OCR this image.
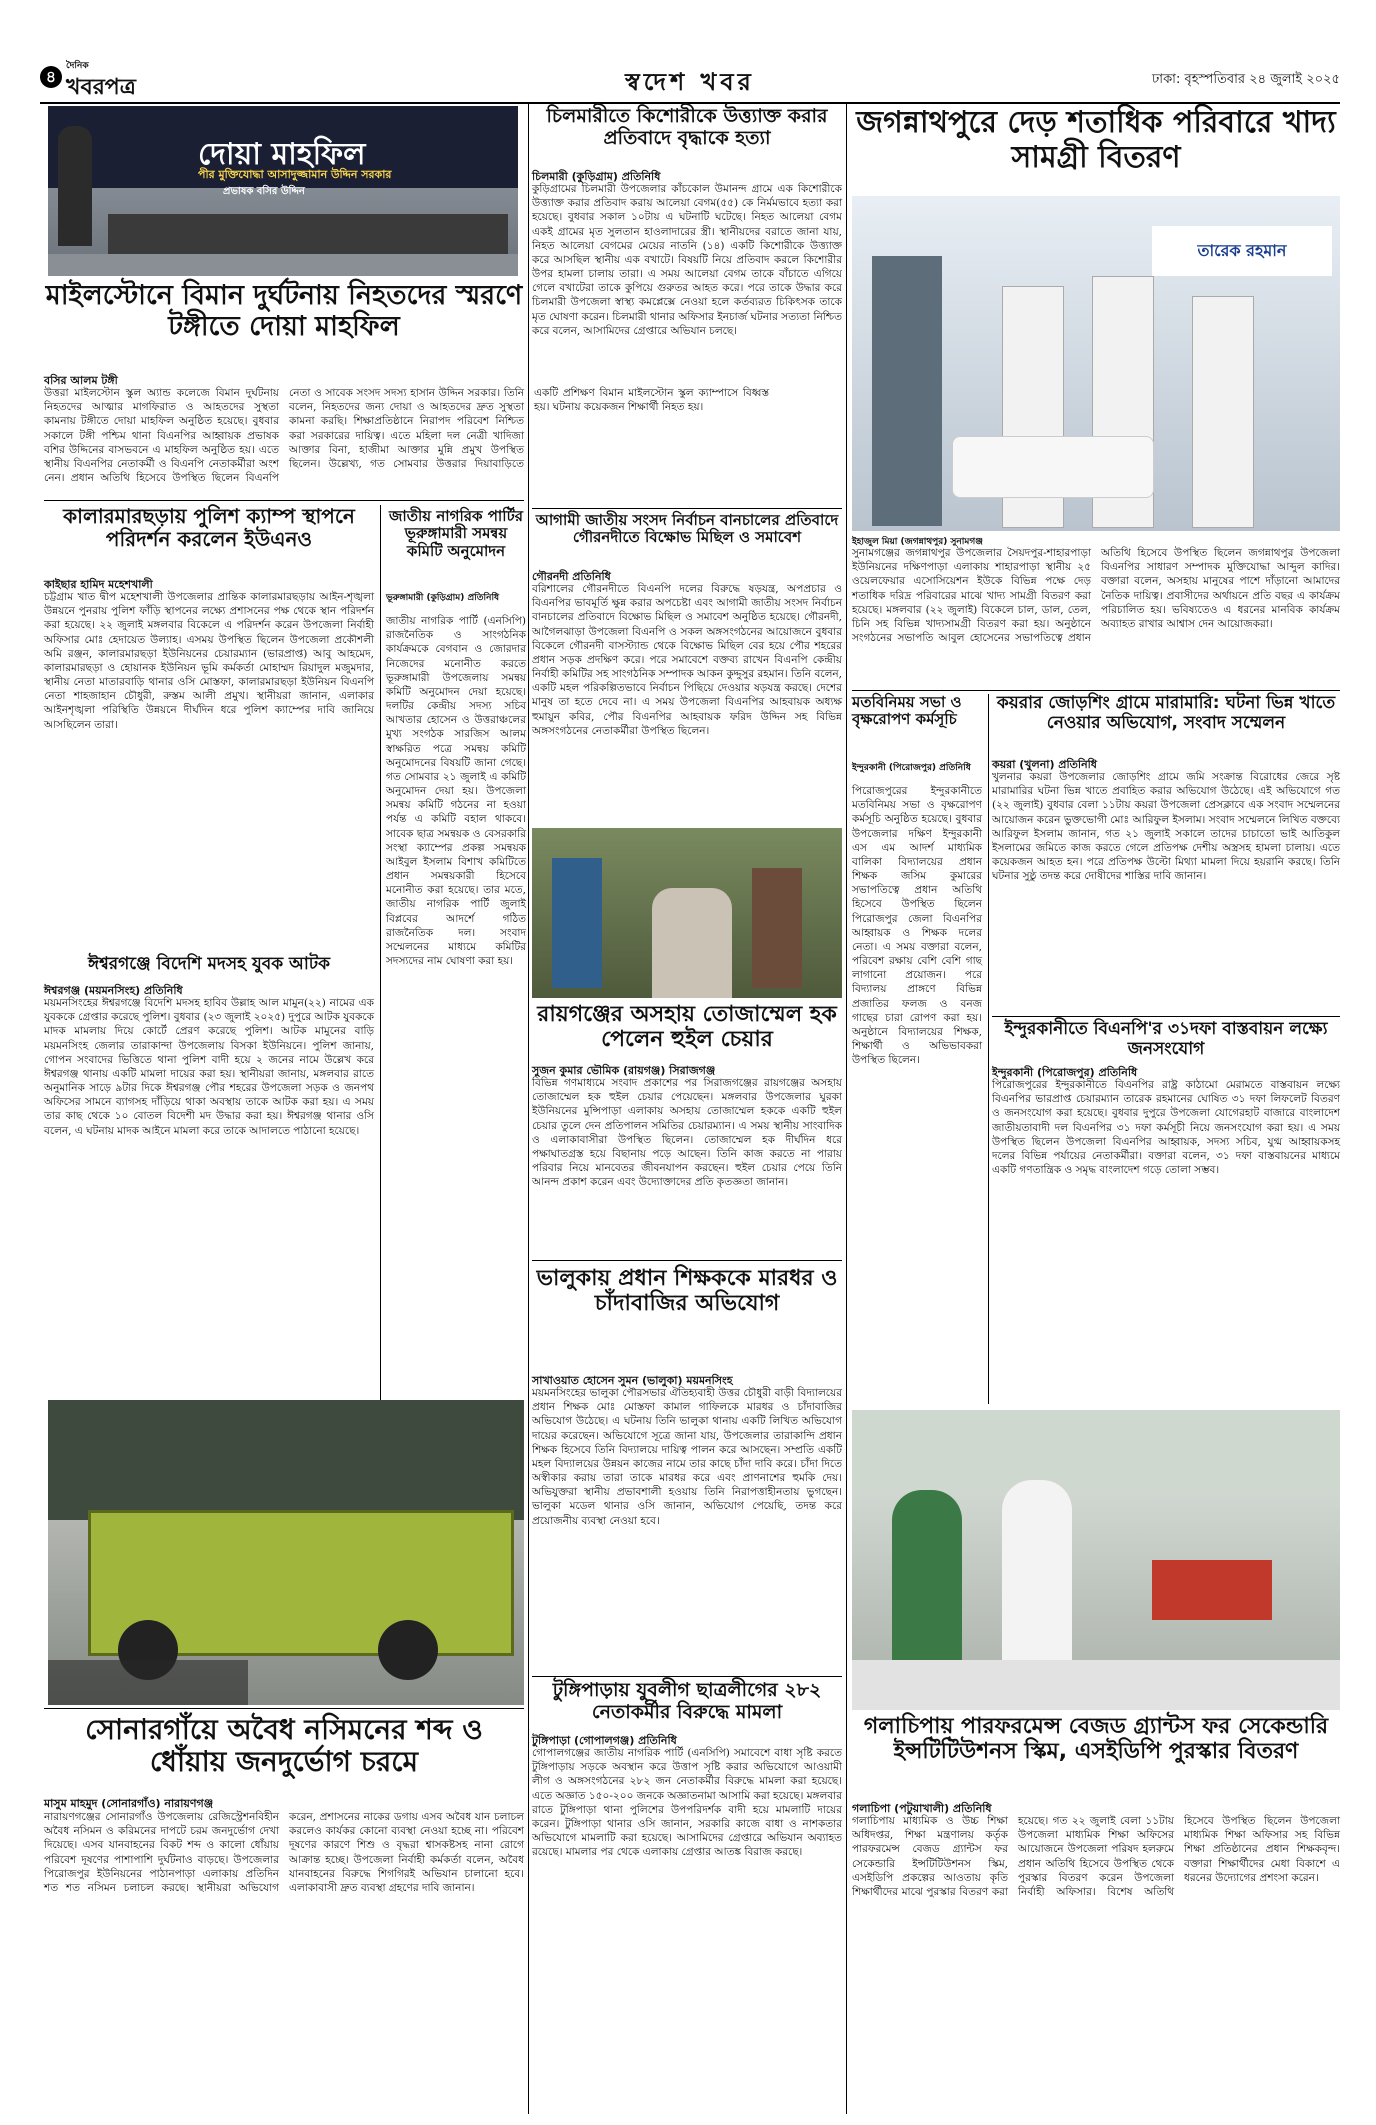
৪
দৈনিক
খবরপত্র	স্বদেশ খবর	ঢাকা: বৃহস্পতিবার ২৪ জুলাই ২০২৫
দোয়া মাহফিল
পীর মুক্তিযোদ্ধা আসাদুজ্জামান উদ্দিন সরকার
প্রভাষক বসির উদ্দিন
মাইলস্টোনে বিমান দুর্ঘটনায় নিহতদের স্মরণে টঙ্গীতে দোয়া মাহফিল
বসির আলম টঙ্গী
উত্তরা মাইলস্টোন স্কুল অ্যান্ড কলেজে বিমান দুর্ঘটনায় নিহতদের আত্মার মাগফিরাত ও আহতদের সুস্থতা কামনায় টঙ্গীতে দোয়া মাহফিল অনুষ্ঠিত হয়েছে। বুধবার সকালে টঙ্গী পশ্চিম থানা বিএনপির আহ্বায়ক প্রভাষক বশির উদ্দিনের বাসভবনে এ মাহফিল অনুষ্ঠিত হয়। এতে স্থানীয় বিএনপির নেতাকর্মী ও বিএনপি নেতাকর্মীরা অংশ নেন। প্রধান অতিথি হিসেবে উপস্থিত ছিলেন বিএনপি নেতা ও সাবেক সংসদ সদস্য হাসান উদ্দিন সরকার। তিনি বলেন, নিহতদের জন্য দোয়া ও আহতদের দ্রুত সুস্থতা কামনা করছি। শিক্ষাপ্রতিষ্ঠানে নিরাপদ পরিবেশ নিশ্চিত করা সরকারের দায়িত্ব। এতে মহিলা দল নেত্রী খাদিজা আক্তার বিনা, হাজীমা আক্তার মুন্নি প্রমুখ উপস্থিত ছিলেন। উল্লেখ্য, গত সোমবার উত্তরার দিয়াবাড়িতে একটি প্রশিক্ষণ বিমান মাইলস্টোন স্কুল ক্যাম্পাসে বিধ্বস্ত হয়। ঘটনায় কয়েকজন শিক্ষার্থী নিহত হয়।
কালারমারছড়ায় পুলিশ ক্যাম্প স্থাপনে পরিদর্শন করলেন ইউএনও
কাইছার হামিদ মহেশখালী
চট্টগ্রাম খাত দ্বীপ মহেশখালী উপজেলার প্রান্তিক কালারমারছড়ায় আইন-শৃঙ্খলা উন্নয়নে পুনরায় পুলিশ ফাঁড়ি স্থাপনের লক্ষ্যে প্রশাসনের পক্ষ থেকে স্থান পরিদর্শন করা হয়েছে। ২২ জুলাই মঙ্গলবার বিকেলে এ পরিদর্শন করেন উপজেলা নির্বাহী অফিসার মোঃ হেদায়েত উল্যাহ। এসময় উপস্থিত ছিলেন উপজেলা প্রকৌশলী অমি রঞ্জন, কালারমারছড়া ইউনিয়নের চেয়ারম্যান (ভারপ্রাপ্ত) আবু আহমেদ, কালারমারছড়া ও হোয়ানক ইউনিয়ন ভূমি কর্মকর্তা মোহাম্মদ রিয়াদুল মজুমদার, স্থানীয় নেতা মাতারবাড়ি থানার ওসি মোস্তফা, কালারমারছড়া ইউনিয়ন বিএনপি নেতা শাহজাহান চৌধুরী, রুস্তম আলী প্রমুখ। স্থানীয়রা জানান, এলাকার আইনশৃঙ্খলা পরিস্থিতি উন্নয়নে দীর্ঘদিন ধরে পুলিশ ক্যাম্পের দাবি জানিয়ে আসছিলেন তারা।
ঈশ্বরগঞ্জে বিদেশি মদসহ যুবক আটক
ঈশ্বরগঞ্জ (ময়মনসিংহ) প্রতিনিধি
ময়মনসিংহের ঈশ্বরগঞ্জে বিদেশি মদসহ হাবিব উল্লাহ আল মামুন(২২) নামের এক যুবককে গ্রেপ্তার করেছে পুলিশ। বুধবার (২৩ জুলাই ২০২৫) দুপুরে আটক যুবককে মাদক মামলায় দিয়ে কোর্টে প্রেরণ করেছে পুলিশ। আটক মামুনের বাড়ি ময়মনসিংহ জেলার তারাকান্দা উপজেলায় বিসকা ইউনিয়নে। পুলিশ জানায়, গোপন সংবাদের ভিত্তিতে থানা পুলিশ বাদী হয়ে ২ জনের নামে উল্লেখ করে ঈশ্বরগঞ্জ থানায় একটি মামলা দায়ের করা হয়। স্থানীয়রা জানায়, মঙ্গলবার রাতে অনুমানিক সাড়ে ৯টার দিকে ঈশ্বরগঞ্জ পৌর শহরের উপজেলা সড়ক ও জনপথ অফিসের সামনে ব্যাগসহ দাঁড়িয়ে থাকা অবস্থায় তাকে আটক করা হয়। এ সময় তার কাছ থেকে ১০ বোতল বিদেশী মদ উদ্ধার করা হয়। ঈশ্বরগঞ্জ থানার ওসি বলেন, এ ঘটনায় মাদক আইনে মামলা করে তাকে আদালতে পাঠানো হয়েছে।
জাতীয় নাগরিক পার্টির ভূরুঙ্গামারী সমন্বয় কমিটি অনুমোদন
ভূরুঙ্গামারী (কুড়িগ্রাম) প্রতিনিধি
জাতীয় নাগরিক পার্টি (এনসিপি) রাজনৈতিক ও সাংগঠনিক কার্যক্রমকে বেগবান ও জোরদার নিজেদের মনোনীত করতে ভূরুঙ্গামারী উপজেলায় সমন্বয় কমিটি অনুমোদন দেয়া হয়েছে। দলটির কেন্দ্রীয় সদস্য সচিব আখতার হোসেন ও উত্তরাঞ্চলের মুখ্য সংগঠক সারজিস আলম স্বাক্ষরিত পত্রে সমন্বয় কমিটি অনুমোদনের বিষয়টি জানা গেছে। গত সোমবার ২১ জুলাই এ কমিটি অনুমোদন দেয়া হয়। উপজেলা সমন্বয় কমিটি গঠনের না হওয়া পর্যন্ত এ কমিটি বহাল থাকবে। সাবেক ছাত্র সমন্বয়ক ও বেসরকারি সংস্থা ক্যাম্পের প্রকল্প সমন্বয়ক আইবুল ইসলাম বিশাখ কমিটিতে প্রধান সমন্বয়কারী হিসেবে মনোনীত করা হয়েছে। তার মতে, জাতীয় নাগরিক পার্টি জুলাই বিপ্লবের আদর্শে গঠিত রাজনৈতিক দল। সংবাদ সম্মেলনের মাধ্যমে কমিটির সদস্যদের নাম ঘোষণা করা হয়।
সোনারগাঁয়ে অবৈধ নসিমনের শব্দ ও ধোঁয়ায় জনদুর্ভোগ চরমে
মাসুম মাহমুদ (সোনারগাঁও) নারায়ণগঞ্জ
নারায়ণগঞ্জের সোনারগাঁও উপজেলায় রেজিস্ট্রেশনবিহীন অবৈধ নসিমন ও করিমনের দাপটে চরম জনদুর্ভোগ দেখা দিয়েছে। এসব যানবাহনের বিকট শব্দ ও কালো ধোঁয়ায় পরিবেশ দূষণের পাশাপাশি দুর্ঘটনাও বাড়ছে। উপজেলার পিরোজপুর ইউনিয়নের পাঠানপাড়া এলাকায় প্রতিদিন শত শত নসিমন চলাচল করছে। স্থানীয়রা অভিযোগ করেন, প্রশাসনের নাকের ডগায় এসব অবৈধ যান চলাচল করলেও কার্যকর কোনো ব্যবস্থা নেওয়া হচ্ছে না। পরিবেশ দূষণের কারণে শিশু ও বৃদ্ধরা শ্বাসকষ্টসহ নানা রোগে আক্রান্ত হচ্ছে। উপজেলা নির্বাহী কর্মকর্তা বলেন, অবৈধ যানবাহনের বিরুদ্ধে শিগগিরই অভিযান চালানো হবে। এলাকাবাসী দ্রুত ব্যবস্থা গ্রহণের দাবি জানান।
চিলমারীতে কিশোরীকে উত্ত্যাক্ত করার প্রতিবাদে বৃদ্ধাকে হত্যা
চিলমারী (কুড়িগ্রাম) প্রতিনিধি
কুড়িগ্রামের চিলমারী উপজেলার কাঁচকোল উমানন্দ গ্রামে এক কিশোরীকে উত্ত্যাক্ত করার প্রতিবাদ করায় আলেয়া বেগম(৫৫) কে নির্মমভাবে হত্যা করা হয়েছে। বুধবার সকাল ১০টায় এ ঘটনাটি ঘটেছে। নিহত আলেয়া বেগম একই গ্রামের মৃত সুলতান হাওলাদারের স্ত্রী। স্থানীয়দের বরাতে জানা যায়, নিহত আলেয়া বেগমের মেয়ের নাতনি (১৪) একটি কিশোরীকে উত্ত্যাক্ত করে আসছিল স্থানীয় এক বখাটে। বিষয়টি নিয়ে প্রতিবাদ করলে কিশোরীর উপর হামলা চালায় তারা। এ সময় আলেয়া বেগম তাকে বাঁচাতে এগিয়ে গেলে বখাটেরা তাকে কুপিয়ে গুরুতর আহত করে। পরে তাকে উদ্ধার করে চিলমারী উপজেলা স্বাস্থ্য কমপ্লেক্সে নেওয়া হলে কর্তব্যরত চিকিৎসক তাকে মৃত ঘোষণা করেন। চিলমারী থানার অফিসার ইনচার্জ ঘটনার সত্যতা নিশ্চিত করে বলেন, আসামিদের গ্রেপ্তারে অভিযান চলছে।
আগামী জাতীয় সংসদ নির্বাচন বানচালের প্রতিবাদে গৌরনদীতে বিক্ষোভ মিছিল ও সমাবেশ
গৌরনদী প্রতিনিধি
বরিশালের গৌরনদীতে বিএনপি দলের বিরুদ্ধে ষড়যন্ত্র, অপপ্রচার ও বিএনপির ভাবমূর্তি ক্ষুন্ন করার অপচেষ্টা এবং আগামী জাতীয় সংসদ নির্বাচন বানচালের প্রতিবাদে বিক্ষোভ মিছিল ও সমাবেশ অনুষ্ঠিত হয়েছে। গৌরনদী, আগৈলঝাড়া উপজেলা বিএনপি ও সকল অঙ্গসংগঠনের আয়োজনে বুধবার বিকেলে গৌরনদী বাসস্ট্যান্ড থেকে বিক্ষোভ মিছিল বের হয়ে পৌর শহরের প্রধান সড়ক প্রদক্ষিণ করে। পরে সমাবেশে বক্তব্য রাখেন বিএনপি কেন্দ্রীয় নির্বাহী কমিটির সহ সাংগঠনিক সম্পাদক আকন কুদ্দুসুর রহমান। তিনি বলেন, একটি মহল পরিকল্পিতভাবে নির্বাচন পিছিয়ে দেওয়ার ষড়যন্ত্র করছে। দেশের মানুষ তা হতে দেবে না। এ সময় উপজেলা বিএনপির আহবায়ক অধ্যক্ষ হুমায়ুন কবির, পৌর বিএনপির আহবায়ক ফরিদ উদ্দিন সহ বিভিন্ন অঙ্গসংগঠনের নেতাকর্মীরা উপস্থিত ছিলেন।
রায়গঞ্জের অসহায় তোজাম্মেল হক পেলেন হুইল চেয়ার
সুজন কুমার ভৌমিক (রায়গঞ্জ) সিরাজগঞ্জ
বিভিন্ন গণমাধ্যমে সংবাদ প্রকাশের পর সিরাজগঞ্জের রায়গঞ্জের অসহায় তোজাম্মেল হক হুইল চেয়ার পেয়েছেন। মঙ্গলবার উপজেলার ঘুরকা ইউনিয়নের মুন্সিপাড়া এলাকায় অসহায় তোজাম্মেল হককে একটি হুইল চেয়ার তুলে দেন প্রতিপালন সমিতির চেয়ারম্যান। এ সময় স্থানীয় সাংবাদিক ও এলাকাবাসীরা উপস্থিত ছিলেন। তোজাম্মেল হক দীর্ঘদিন ধরে পক্ষাঘাতগ্রস্ত হয়ে বিছানায় পড়ে আছেন। তিনি কাজ করতে না পারায় পরিবার নিয়ে মানবেতর জীবনযাপন করছেন। হুইল চেয়ার পেয়ে তিনি আনন্দ প্রকাশ করেন এবং উদ্যোক্তাদের প্রতি কৃতজ্ঞতা জানান।
ভালুকায় প্রধান শিক্ষককে মারধর ও চাঁদাবাজির অভিযোগ
সাখাওয়াত হোসেন সুমন (ভালুকা) ময়মনসিংহ
ময়মনসিংহের ভালুকা পৌরসভার ঐতিহ্যবাহী উত্তর চৌধুরী বাড়ী বিদ্যালয়ের প্রধান শিক্ষক মোঃ মোস্তফা কামাল গাফিলকে মারধর ও চাঁদাবাজির অভিযোগ উঠেছে। এ ঘটনায় তিনি ভালুকা থানায় একটি লিখিত অভিযোগ দায়ের করেছেন। অভিযোগে সূত্রে জানা যায়, উপজেলার তারাকান্দি প্রধান শিক্ষক হিসেবে তিনি বিদ্যালয়ে দায়িত্ব পালন করে আসছেন। সম্প্রতি একটি মহল বিদ্যালয়ের উন্নয়ন কাজের নামে তার কাছে চাঁদা দাবি করে। চাঁদা দিতে অস্বীকার করায় তারা তাকে মারধর করে এবং প্রাণনাশের হুমকি দেয়। অভিযুক্তরা স্থানীয় প্রভাবশালী হওয়ায় তিনি নিরাপত্তাহীনতায় ভুগছেন। ভালুকা মডেল থানার ওসি জানান, অভিযোগ পেয়েছি, তদন্ত করে প্রয়োজনীয় ব্যবস্থা নেওয়া হবে।
টুঙ্গিপাড়ায় যুবলীগ ছাত্রলীগের ২৮২ নেতাকর্মীর বিরুদ্ধে মামলা
টুঙ্গিপাড়া (গোপালগঞ্জ) প্রতিনিধি
গোপালগঞ্জের জাতীয় নাগরিক পার্টি (এনসিপি) সমাবেশে বাধা সৃষ্টি করতে টুঙ্গিপাড়ায় সড়কে অবস্থান করে উত্তাপ সৃষ্টি করার অভিযোগে আওয়ামী লীগ ও অঙ্গসংগঠনের ২৮২ জন নেতাকর্মীর বিরুদ্ধে মামলা করা হয়েছে। এতে অজ্ঞাত ১৫০-২০০ জনকে অজ্ঞাতনামা আসামি করা হয়েছে। মঙ্গলবার রাতে টুঙ্গিপাড়া থানা পুলিশের উপপরিদর্শক বাদী হয়ে মামলাটি দায়ের করেন। টুঙ্গিপাড়া থানার ওসি জানান, সরকারি কাজে বাধা ও নাশকতার অভিযোগে মামলাটি করা হয়েছে। আসামিদের গ্রেপ্তারে অভিযান অব্যাহত রয়েছে। মামলার পর থেকে এলাকায় গ্রেপ্তার আতঙ্ক বিরাজ করছে।
জগন্নাথপুরে দেড় শতাধিক পরিবারে খাদ্য সামগ্রী বিতরণ
তারেক রহমান
ইহাজুল মিয়া (জগন্নাথপুর) সুনামগঞ্জ
সুনামগঞ্জের জগন্নাথপুর উপজেলার সৈয়দপুর-শাহারপাড়া ইউনিয়নের দক্ষিণপাড়া এলাকায় শাহারপাড়া স্থানীয় ২৫ ওয়েলফেয়ার এসোসিয়েশন ইউকে বিভিন্ন পক্ষে দেড় শতাধিক দরিদ্র পরিবারের মাঝে খাদ্য সামগ্রী বিতরণ করা হয়েছে। মঙ্গলবার (২২ জুলাই) বিকেলে চাল, ডাল, তেল, চিনি সহ বিভিন্ন খাদ্যসামগ্রী বিতরণ করা হয়। অনুষ্ঠানে সংগঠনের সভাপতি আবুল হোসেনের সভাপতিত্বে প্রধান অতিথি হিসেবে উপস্থিত ছিলেন জগন্নাথপুর উপজেলা বিএনপির সাধারণ সম্পাদক মুক্তিযোদ্ধা আব্দুল কাদির। বক্তারা বলেন, অসহায় মানুষের পাশে দাঁড়ানো আমাদের নৈতিক দায়িত্ব। প্রবাসীদের অর্থায়নে প্রতি বছর এ কার্যক্রম পরিচালিত হয়। ভবিষ্যতেও এ ধরনের মানবিক কার্যক্রম অব্যাহত রাখার আশ্বাস দেন আয়োজকরা।
মতবিনিময় সভা ও বৃক্ষরোপণ কর্মসূচি
ইন্দুরকানী (পিরোজপুর) প্রতিনিধি
পিরোজপুরের ইন্দুরকানীতে মতবিনিময় সভা ও বৃক্ষরোপণ কর্মসূচি অনুষ্ঠিত হয়েছে। বুধবার উপজেলার দক্ষিণ ইন্দুরকানী এস এম আদর্শ মাধ্যমিক বালিকা বিদ্যালয়ের প্রধান শিক্ষক জসিম কুমারের সভাপতিত্বে প্রধান অতিথি হিসেবে উপস্থিত ছিলেন পিরোজপুর জেলা বিএনপির আহ্বায়ক ও শিক্ষক দলের নেতা। এ সময় বক্তারা বলেন, পরিবেশ রক্ষায় বেশি বেশি গাছ লাগানো প্রয়োজন। পরে বিদ্যালয় প্রাঙ্গণে বিভিন্ন প্রজাতির ফলজ ও বনজ গাছের চারা রোপণ করা হয়। অনুষ্ঠানে বিদ্যালয়ের শিক্ষক, শিক্ষার্থী ও অভিভাবকরা উপস্থিত ছিলেন।
কয়রার জোড়শিং গ্রামে মারামারি: ঘটনা ভিন্ন খাতে নেওয়ার অভিযোগ, সংবাদ সম্মেলন
কয়রা (খুলনা) প্রতিনিধি
খুলনার কয়রা উপজেলার জোড়শিং গ্রামে জমি সংক্রান্ত বিরোধের জেরে সৃষ্ট মারামারির ঘটনা ভিন্ন খাতে প্রবাহিত করার অভিযোগ উঠেছে। এই অভিযোগে গত (২২ জুলাই) বুধবার বেলা ১১টায় কয়রা উপজেলা প্রেসক্লাবে এক সংবাদ সম্মেলনের আয়োজন করেন ভুক্তভোগী মোঃ আরিফুল ইসলাম। সংবাদ সম্মেলনে লিখিত বক্তব্যে আরিফুল ইসলাম জানান, গত ২১ জুলাই সকালে তাদের চাচাতো ভাই আতিকুল ইসলামের জমিতে কাজ করতে গেলে প্রতিপক্ষ দেশীয় অস্ত্রসহ হামলা চালায়। এতে কয়েকজন আহত হন। পরে প্রতিপক্ষ উল্টো মিথ্যা মামলা দিয়ে হয়রানি করছে। তিনি ঘটনার সুষ্ঠু তদন্ত করে দোষীদের শাস্তির দাবি জানান।
ইন্দুরকানীতে বিএনপি'র ৩১দফা বাস্তবায়ন লক্ষ্যে জনসংযোগ
ইন্দুরকানী (পিরোজপুর) প্রতিনিধি
পিরোজপুরের ইন্দুরকানীতে বিএনপির রাষ্ট্র কাঠামো মেরামতে বাস্তবায়ন লক্ষ্যে বিএনপির ভারপ্রাপ্ত চেয়ারম্যান তারেক রহমানের ঘোষিত ৩১ দফা লিফলেট বিতরণ ও জনসংযোগ করা হয়েছে। বুধবার দুপুরে উপজেলা যোগেরহাট বাজারে বাংলাদেশ জাতীয়তাবাদী দল বিএনপির ৩১ দফা কর্মসূচী নিয়ে জনসংযোগ করা হয়। এ সময় উপস্থিত ছিলেন উপজেলা বিএনপির আহ্বায়ক, সদস্য সচিব, যুগ্ম আহ্বায়কসহ দলের বিভিন্ন পর্যায়ের নেতাকর্মীরা। বক্তারা বলেন, ৩১ দফা বাস্তবায়নের মাধ্যমে একটি গণতান্ত্রিক ও সমৃদ্ধ বাংলাদেশ গড়ে তোলা সম্ভব।
গলাচিপায় পারফরমেন্স বেজড গ্র্যান্টস ফর সেকেন্ডারি ইন্সটিটিউশনস স্কিম, এসইডিপি পুরস্কার বিতরণ
গলাচিপা (পটুয়াখালী) প্রতিনিধি
গলাচিপায় মাধ্যমিক ও উচ্চ শিক্ষা অধিদপ্তর, শিক্ষা মন্ত্রণালয় কর্তৃক পারফরমেন্স বেজড গ্র্যান্টস ফর সেকেন্ডারি ইন্সটিটিউশনস স্কিম, এসইডিপি প্রকল্পের আওতায় কৃতি শিক্ষার্থীদের মাঝে পুরস্কার বিতরণ করা হয়েছে। গত ২২ জুলাই বেলা ১১টায় উপজেলা মাধ্যমিক শিক্ষা অফিসের আয়োজনে উপজেলা পরিষদ হলরুমে প্রধান অতিথি হিসেবে উপস্থিত থেকে পুরস্কার বিতরণ করেন উপজেলা নির্বাহী অফিসার। বিশেষ অতিথি হিসেবে উপস্থিত ছিলেন উপজেলা মাধ্যমিক শিক্ষা অফিসার সহ বিভিন্ন শিক্ষা প্রতিষ্ঠানের প্রধান শিক্ষকবৃন্দ। বক্তারা শিক্ষার্থীদের মেধা বিকাশে এ ধরনের উদ্যোগের প্রশংসা করেন।
